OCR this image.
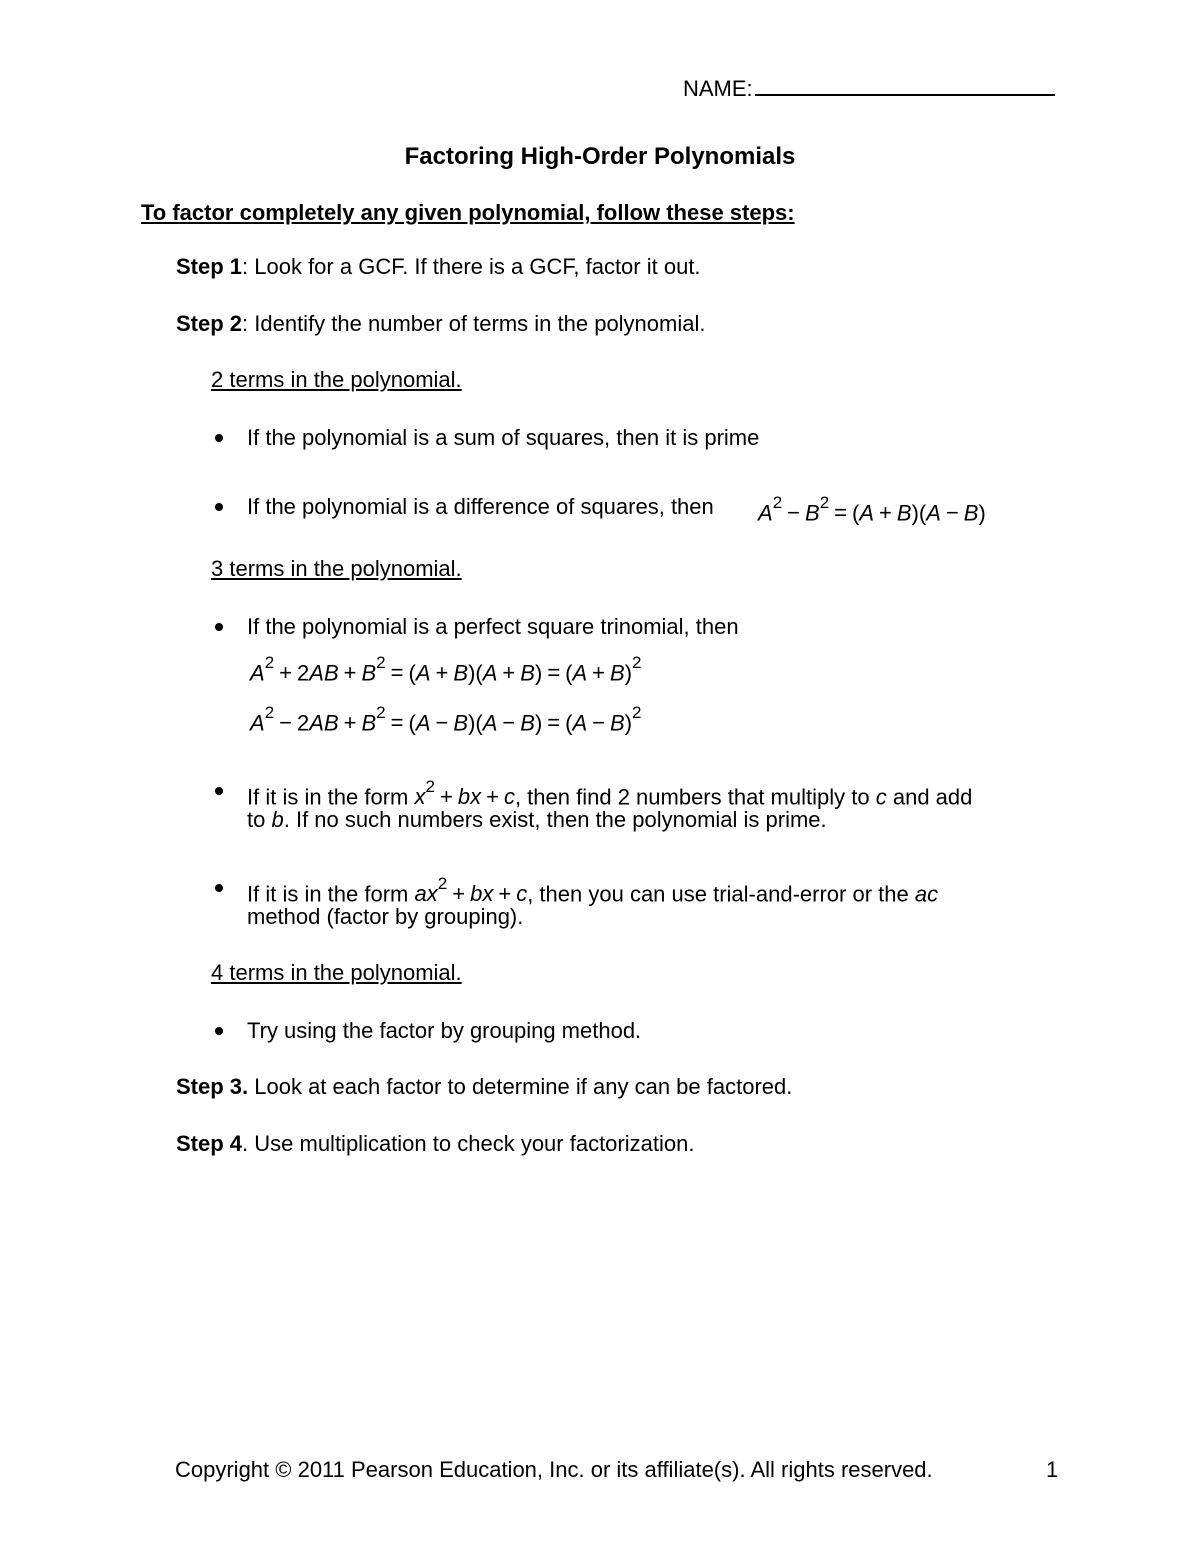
NAME:
Factoring High-Order Polynomials
To factor completely any given polynomial, follow these steps:
Step 1: Look for a GCF. If there is a GCF, factor it out.
Step 2: Identify the number of terms in the polynomial.
2 terms in the polynomial.
If the polynomial is a sum of squares, then it is prime
If the polynomial is a difference of squares, then $A^2 - B^2 = (A + B)(A - B)$
3 terms in the polynomial.
If the polynomial is a perfect square trinomial, then
$A^2 + 2AB + B^2 = (A + B)(A + B) = (A + B)^2$
$A^2 - 2AB + B^2 = (A - B)(A - B) = (A - B)^2$
If it is in the form $x^2$ + bx + c, then find 2 numbers that multiply to c and add
to b. If no such numbers exist, then the polynomial is prime.
If it is in the form $ax^2$ + bx + c, then you can use trial-and-error or the ac
method (factor by grouping).
4 terms in the polynomial.
Try using the factor by grouping method.
Step 3. Look at each factor to determine if any can be factored.
Step 4. Use multiplication to check your factorization.
Copyright © 2011 Pearson Education, Inc. or its affiliate(s). All rights reserved.	1
